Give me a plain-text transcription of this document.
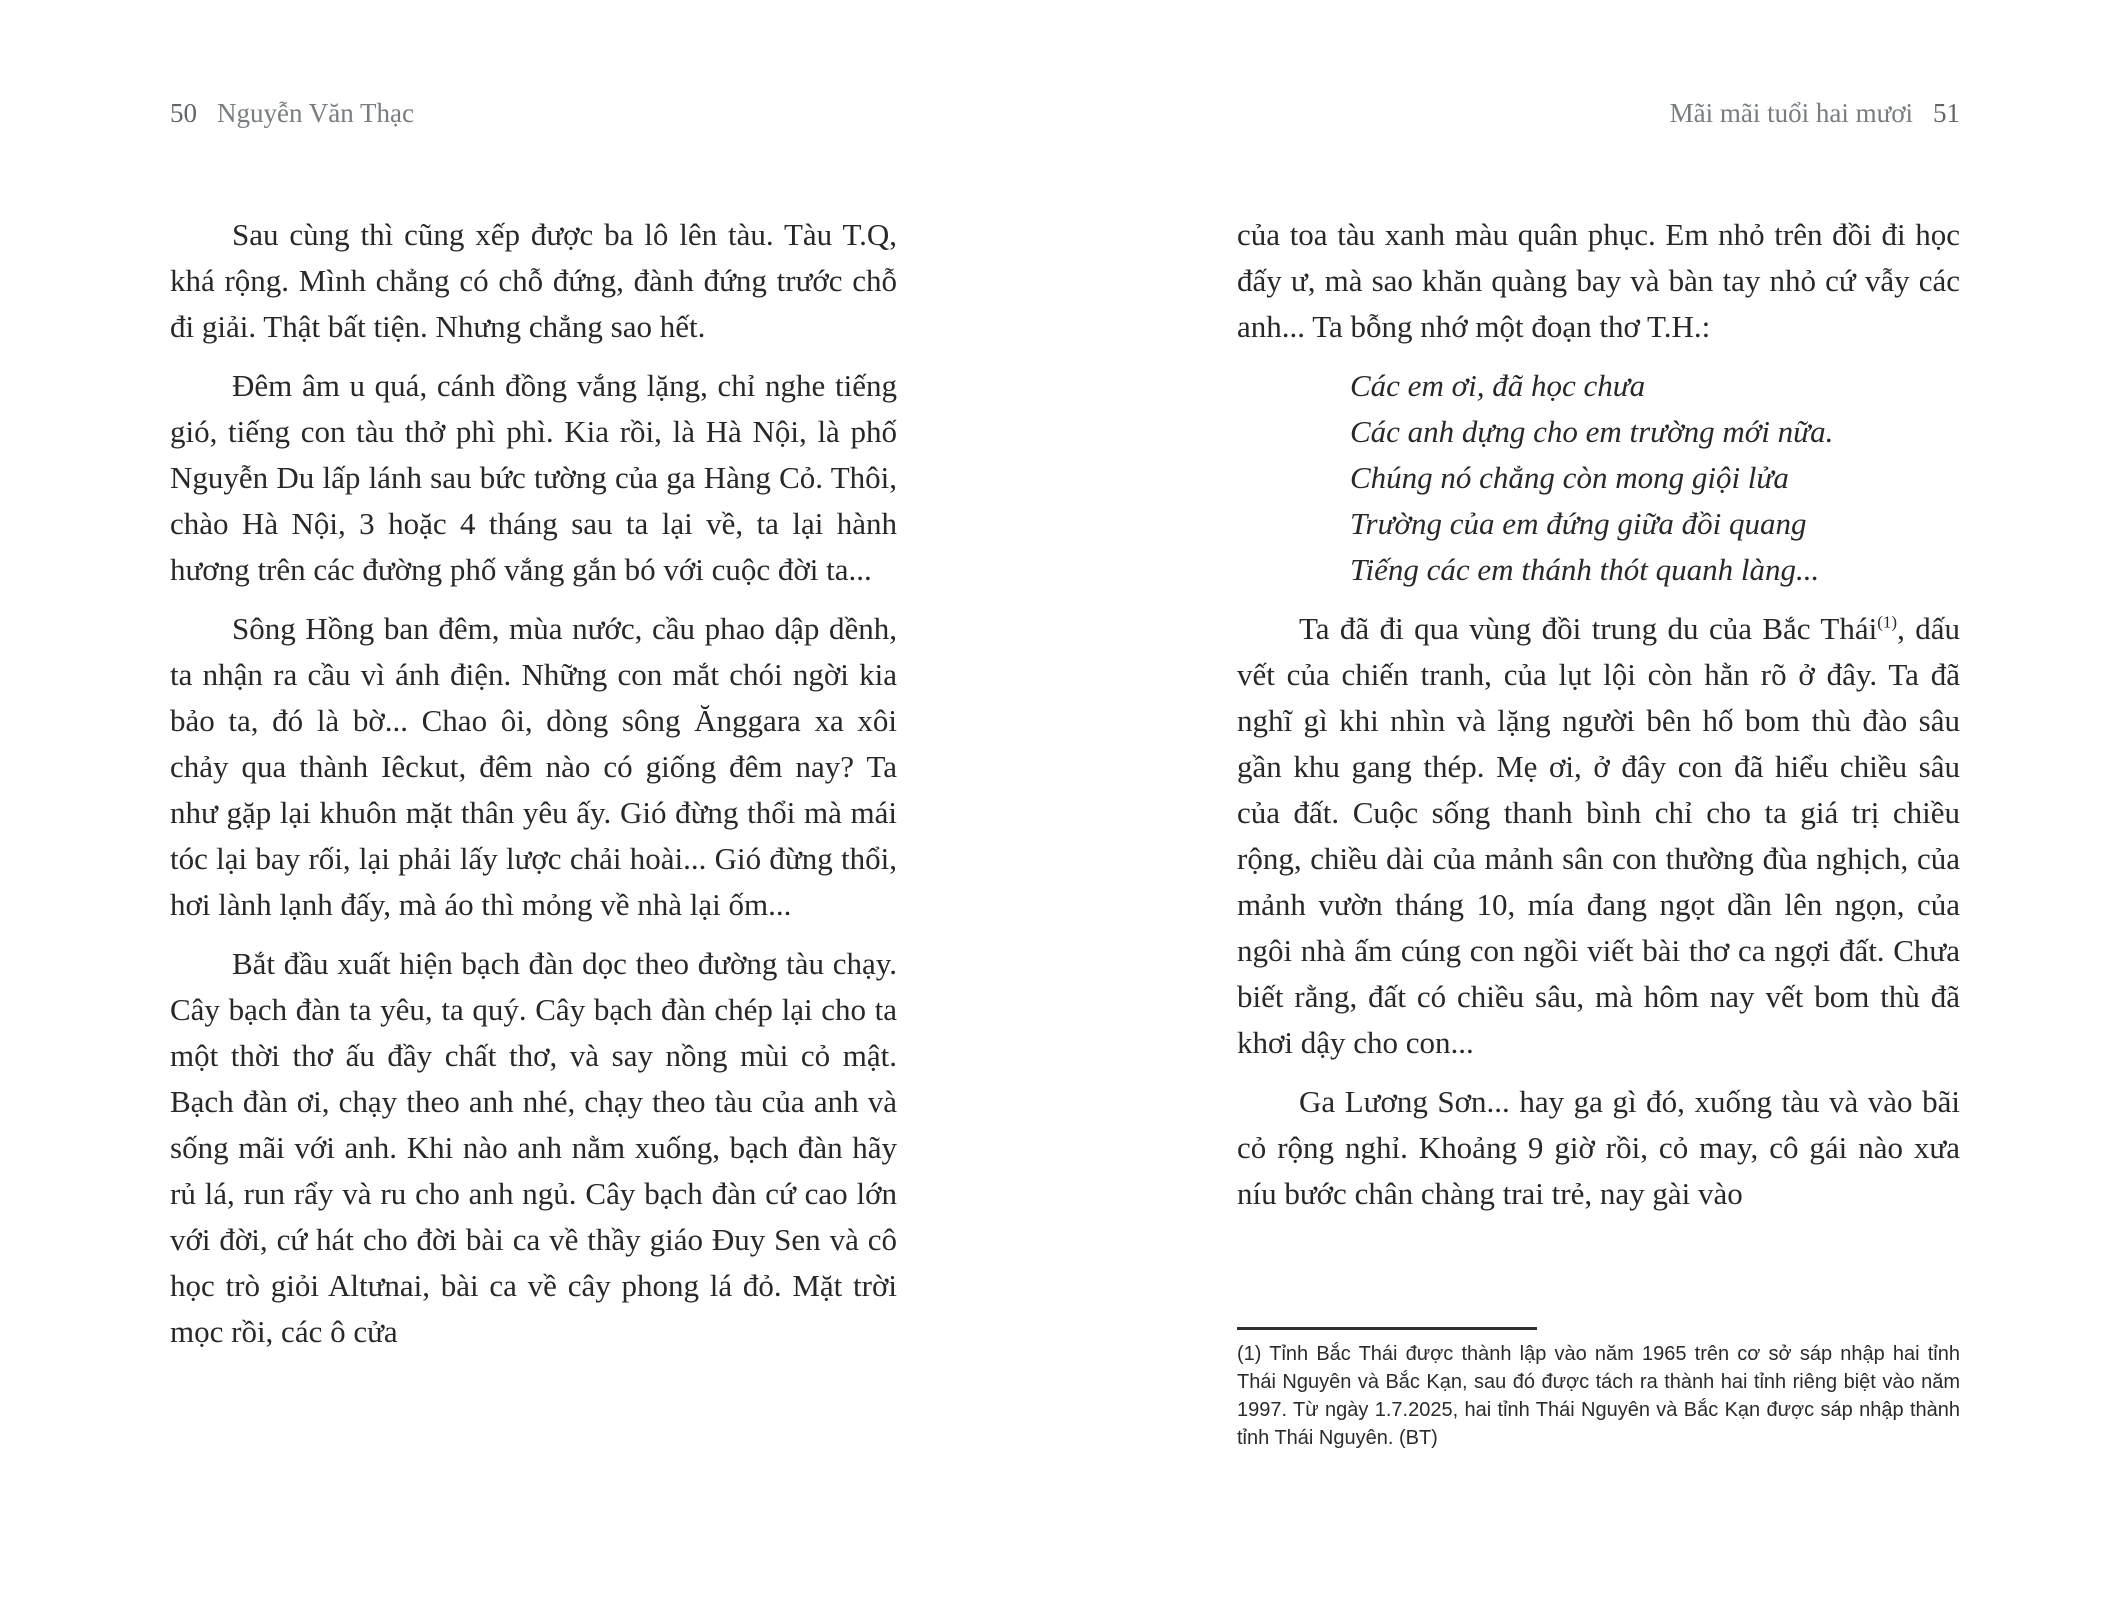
50 Nguyễn Văn Thạc	Mãi mãi tuổi hai mươi 51

Sau cùng thì cũng xếp được ba lô lên tàu. Tàu T.Q, khá rộng. Mình chẳng có chỗ đứng, đành đứng trước chỗ đi giải. Thật bất tiện. Nhưng chẳng sao hết.

Đêm âm u quá, cánh đồng vắng lặng, chỉ nghe tiếng gió, tiếng con tàu thở phì phì. Kia rồi, là Hà Nội, là phố Nguyễn Du lấp lánh sau bức tường của ga Hàng Cỏ. Thôi, chào Hà Nội, 3 hoặc 4 tháng sau ta lại về, ta lại hành hương trên các đường phố vắng gắn bó với cuộc đời ta...

Sông Hồng ban đêm, mùa nước, cầu phao dập dềnh, ta nhận ra cầu vì ánh điện. Những con mắt chói ngời kia bảo ta, đó là bờ... Chao ôi, dòng sông Ănggara xa xôi chảy qua thành Iêckut, đêm nào có giống đêm nay? Ta như gặp lại khuôn mặt thân yêu ấy. Gió đừng thổi mà mái tóc lại bay rối, lại phải lấy lược chải hoài... Gió đừng thổi, hơi lành lạnh đấy, mà áo thì mỏng về nhà lại ốm...

Bắt đầu xuất hiện bạch đàn dọc theo đường tàu chạy. Cây bạch đàn ta yêu, ta quý. Cây bạch đàn chép lại cho ta một thời thơ ấu đầy chất thơ, và say nồng mùi cỏ mật. Bạch đàn ơi, chạy theo anh nhé, chạy theo tàu của anh và sống mãi với anh. Khi nào anh nằm xuống, bạch đàn hãy rủ lá, run rẩy và ru cho anh ngủ. Cây bạch đàn cứ cao lớn với đời, cứ hát cho đời bài ca về thầy giáo Đuy Sen và cô học trò giỏi Altưnai, bài ca về cây phong lá đỏ. Mặt trời mọc rồi, các ô cửa

của toa tàu xanh màu quân phục. Em nhỏ trên đồi đi học đấy ư, mà sao khăn quàng bay và bàn tay nhỏ cứ vẫy các anh... Ta bỗng nhớ một đoạn thơ T.H.:

Các em ơi, đã học chưa
Các anh dựng cho em trường mới nữa.
Chúng nó chẳng còn mong giội lửa
Trường của em đứng giữa đồi quang
Tiếng các em thánh thót quanh làng...

Ta đã đi qua vùng đồi trung du của Bắc Thái$^{(1)}$, dấu vết của chiến tranh, của lụt lội còn hằn rõ ở đây. Ta đã nghĩ gì khi nhìn và lặng người bên hố bom thù đào sâu gần khu gang thép. Mẹ ơi, ở đây con đã hiểu chiều sâu của đất. Cuộc sống thanh bình chỉ cho ta giá trị chiều rộng, chiều dài của mảnh sân con thường đùa nghịch, của mảnh vườn tháng 10, mía đang ngọt dần lên ngọn, của ngôi nhà ấm cúng con ngồi viết bài thơ ca ngợi đất. Chưa biết rằng, đất có chiều sâu, mà hôm nay vết bom thù đã khơi dậy cho con...

Ga Lương Sơn... hay ga gì đó, xuống tàu và vào bãi cỏ rộng nghỉ. Khoảng 9 giờ rồi, cỏ may, cô gái nào xưa níu bước chân chàng trai trẻ, nay gài vào

(1) Tỉnh Bắc Thái được thành lập vào năm 1965 trên cơ sở sáp nhập hai tỉnh Thái Nguyên và Bắc Kạn, sau đó được tách ra thành hai tỉnh riêng biệt vào năm 1997. Từ ngày 1.7.2025, hai tỉnh Thái Nguyên và Bắc Kạn được sáp nhập thành tỉnh Thái Nguyên. (BT)
